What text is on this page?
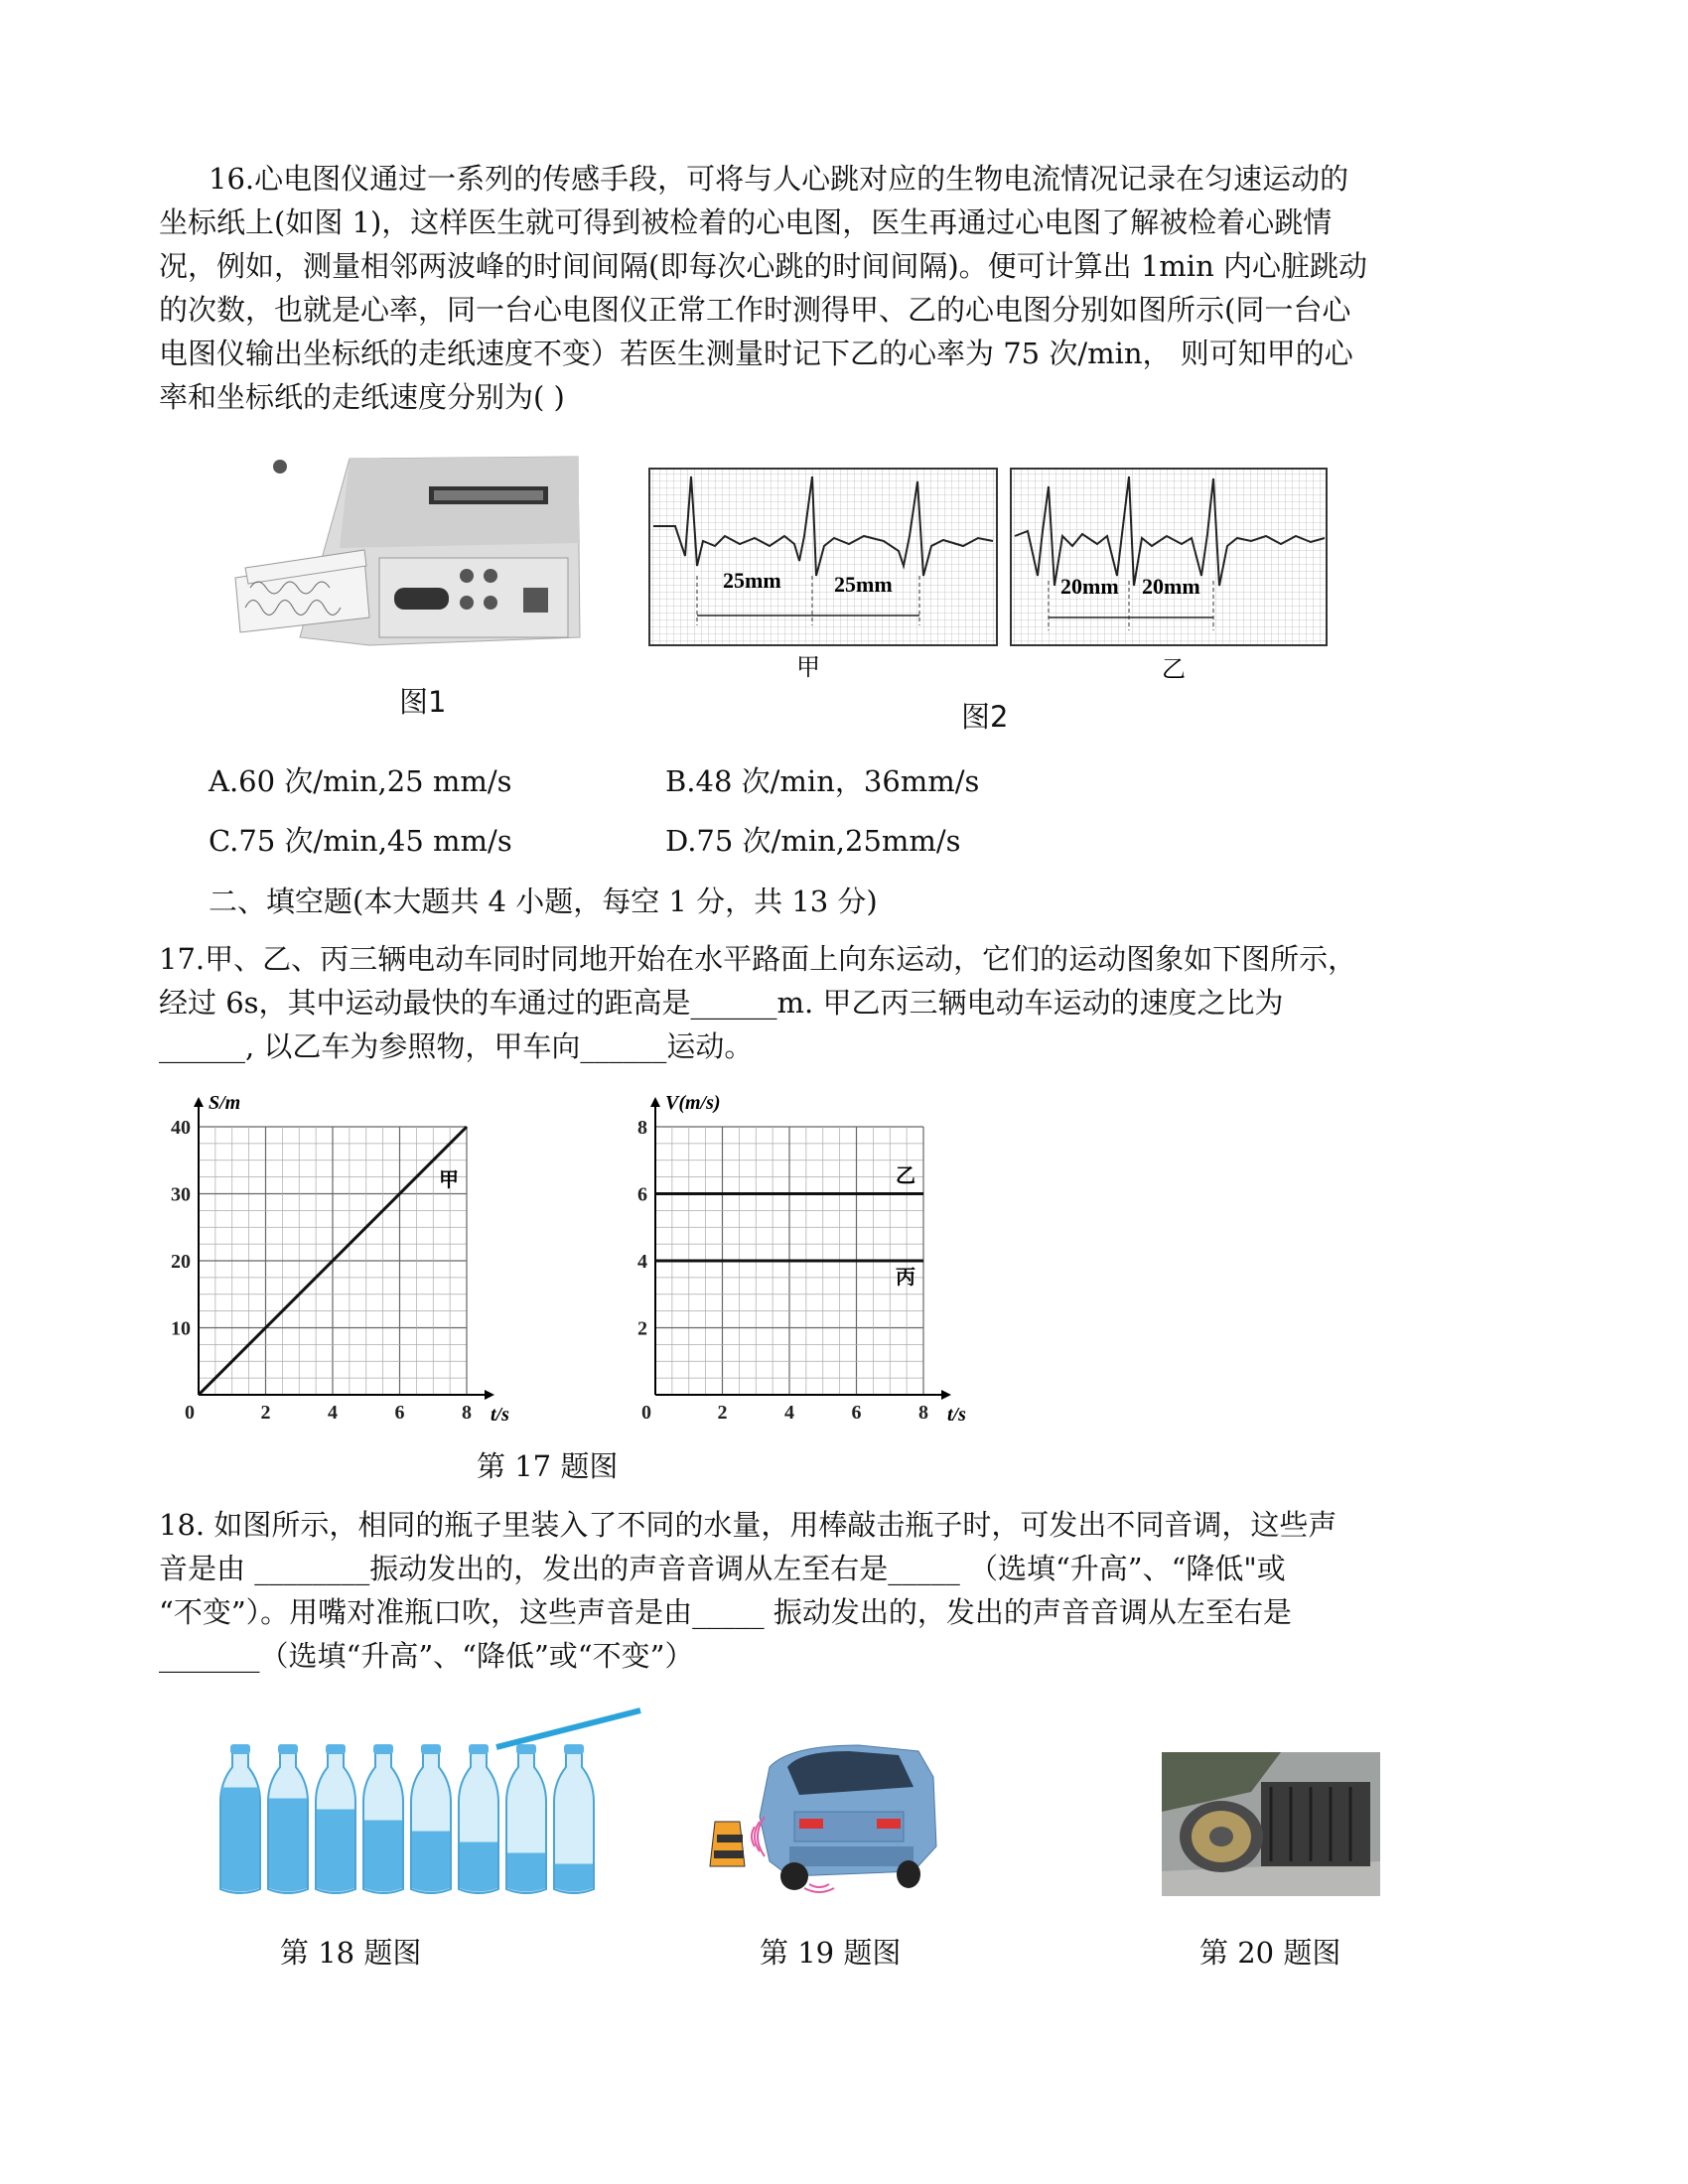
16.心电图仪通过一系列的传感手段，可将与人心跳对应的生物电流情况记录在匀速运动的
坐标纸上(如图 1)，这样医生就可得到被检着的心电图，医生再通过心电图了解被检着心跳情
况，例如，测量相邻两波峰的时间间隔(即每次心跳的时间间隔)。便可计算出 1min 内心脏跳动
的次数，也就是心率，同一台心电图仪正常工作时测得甲、乙的心电图分别如图所示(同一台心
电图仪输出坐标纸的走纸速度不变）若医生测量时记下乙的心率为 75 次/min， 则可知甲的心
率和坐标纸的走纸速度分别为( )
图1
25mm 25mm	20mm 20mm
甲	乙
图2
A.60 次/min,25 mm/s	B.48 次/min，36mm/s
C.75 次/min,45 mm/s	D.75 次/min,25mm/s
二、填空题(本大题共 4 小题，每空 1 分，共 13 分)
17.甲、乙、丙三辆电动车同时同地开始在水平路面上向东运动，它们的运动图象如下图所示，
经过 6s，其中运动最快的车通过的距高是______m. 甲乙丙三辆电动车运动的速度之比为
______, 以乙车为参照物，甲车向______运动。
0	2	4	6	8
10
20
30
40
t/s
S/m
甲
0	2	4	6	8
2
4
6
8
t/s
V(m/s)
乙
丙
第 17 题图
18. 如图所示，相同的瓶子里装入了不同的水量，用棒敲击瓶子时，可发出不同音调，这些声
音是由 ________振动发出的，发出的声音音调从左至右是_____ （选填“升高”、“降低"或
“不变”）。用嘴对准瓶口吹，这些声音是由_____ 振动发出的，发出的声音音调从左至右是
_______（选填“升高”、“降低”或“不变”）
第 18 题图	第 19 题图	第 20 题图
